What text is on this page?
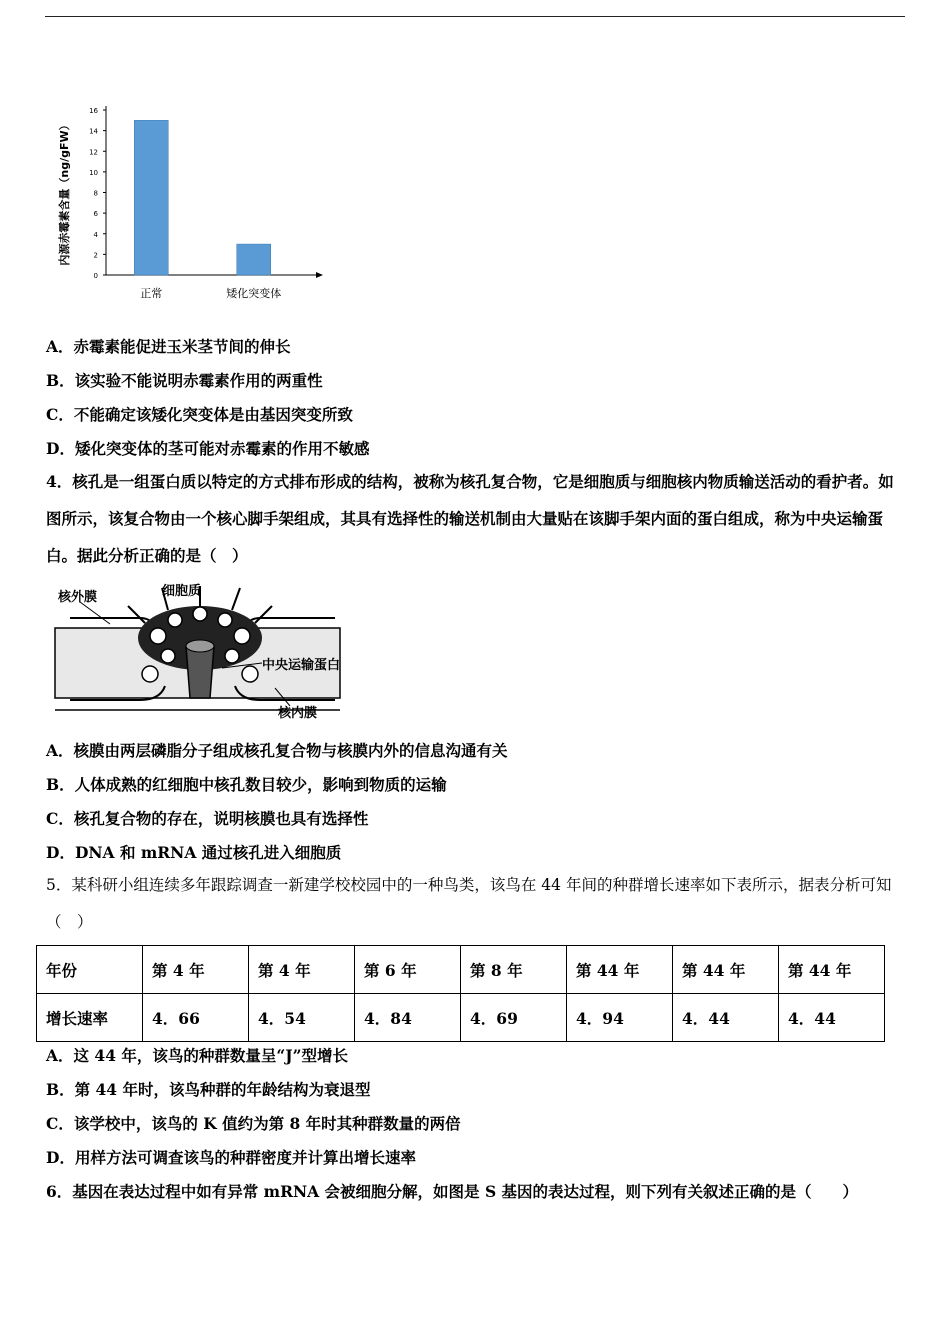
0
2
4
6
8
10
12
14
16
正常	矮化突变体
内源赤霉素含量（ng/gFW）
A．赤霉素能促进玉米茎节间的伸长
B．该实验不能说明赤霉素作用的两重性
C．不能确定该矮化突变体是由基因突变所致
D．矮化突变体的茎可能对赤霉素的作用不敏感
4．核孔是一组蛋白质以特定的方式排布形成的结构，被称为核孔复合物，它是细胞质与细胞核内物质输送活动的看护者。如图所示，该复合物由一个核心脚手架组成，其具有选择性的输送机制由大量贴在该脚手架内面的蛋白组成，称为中央运输蛋白。据此分析正确的是（　）
核外膜	细胞质
中央运输蛋白
核内膜
A．核膜由两层磷脂分子组成核孔复合物与核膜内外的信息沟通有关
B．人体成熟的红细胞中核孔数目较少，影响到物质的运输
C．核孔复合物的存在，说明核膜也具有选择性
D．DNA 和 mRNA 通过核孔进入细胞质
5．某科研小组连续多年跟踪调查一新建学校校园中的一种鸟类，该鸟在 44 年间的种群增长速率如下表所示，据表分析可知（　）
年份	第 4 年	第 4 年	第 6 年	第 8 年	第 44 年	第 44 年	第 44 年
增长速率	4．66	4．54	4．84	4．69	4．94	4．44	4．44
A．这 44 年，该鸟的种群数量呈“J”型增长
B．第 44 年时，该鸟种群的年龄结构为衰退型
C．该学校中，该鸟的 K 值约为第 8 年时其种群数量的两倍
D．用样方法可调查该鸟的种群密度并计算出增长速率
6．基因在表达过程中如有异常 mRNA 会被细胞分解，如图是 S 基因的表达过程，则下列有关叙述正确的是（　　）
